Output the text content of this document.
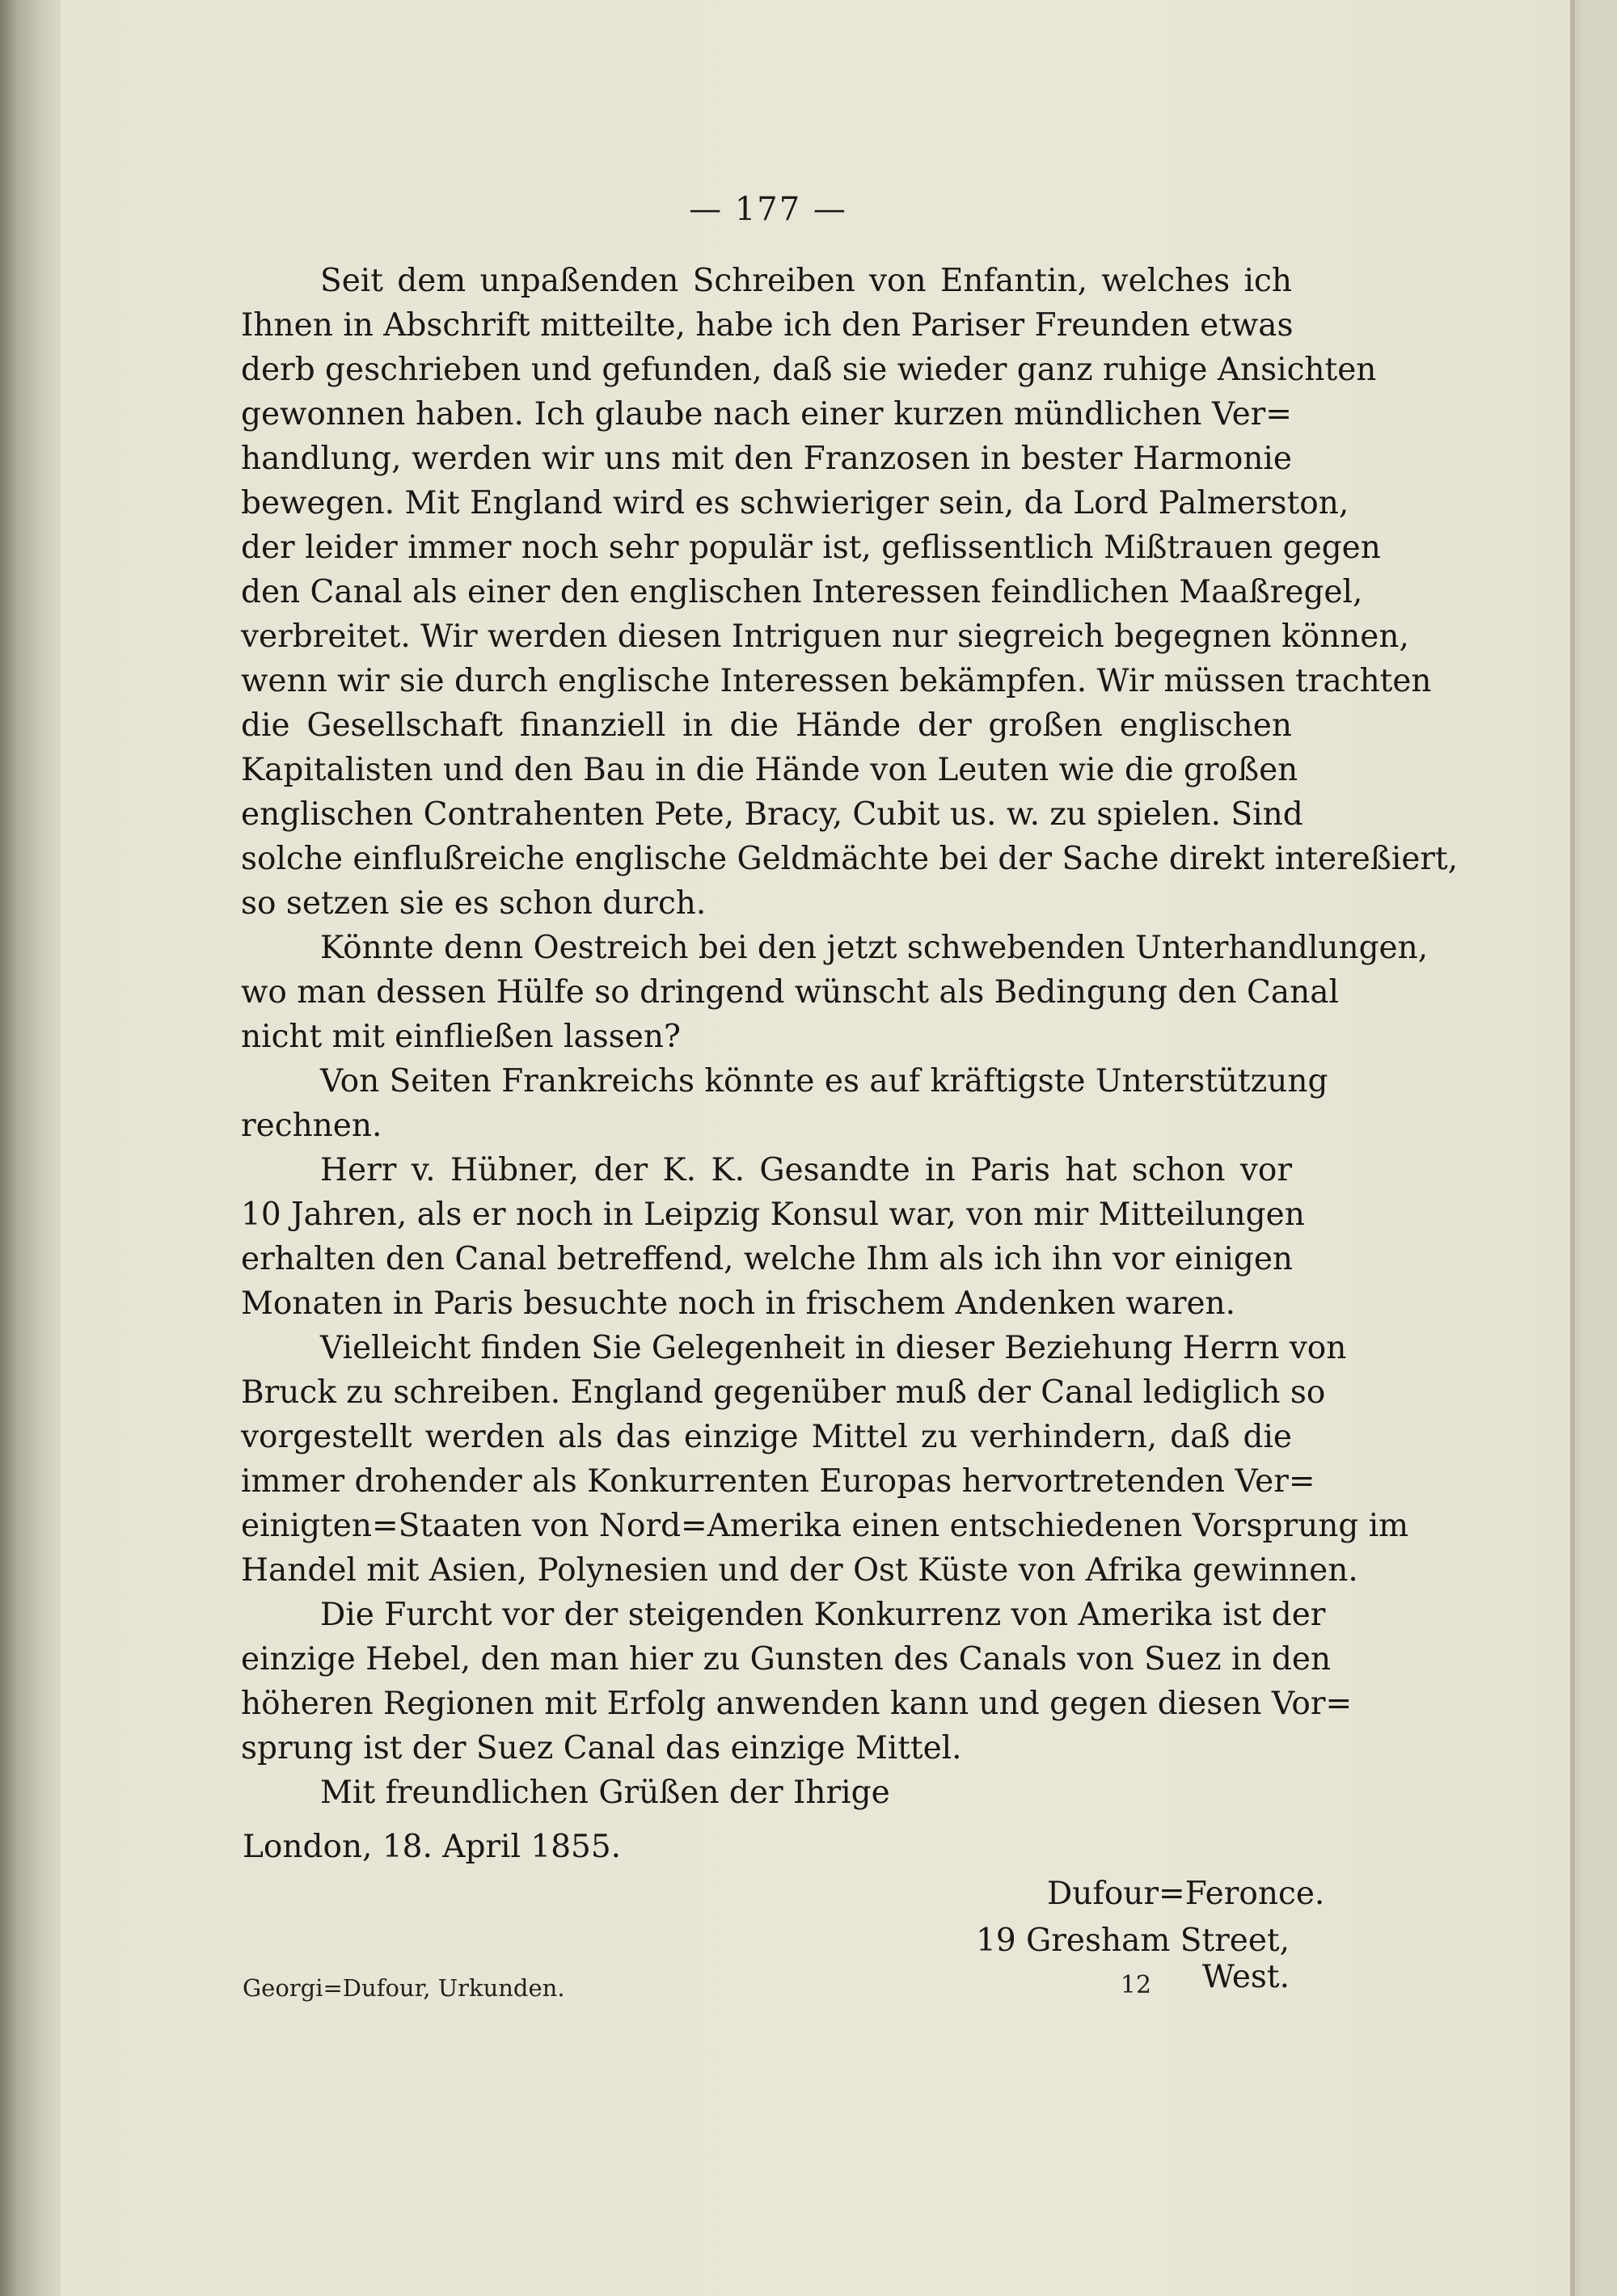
— 177 —
Seit dem unpaßenden Schreiben von Enfantin, welches ich
Ihnen in Abschrift mitteilte, habe ich den Pariser Freunden etwas
derb geschrieben und gefunden, daß sie wieder ganz ruhige Ansichten
gewonnen haben. Ich glaube nach einer kurzen mündlichen Ver=
handlung, werden wir uns mit den Franzosen in bester Harmonie
bewegen. Mit England wird es schwieriger sein, da Lord Palmerston,
der leider immer noch sehr populär ist, geflissentlich Mißtrauen gegen
den Canal als einer den englischen Interessen feindlichen Maaßregel,
verbreitet. Wir werden diesen Intriguen nur siegreich begegnen können,
wenn wir sie durch englische Interessen bekämpfen. Wir müssen trachten
die Gesellschaft finanziell in die Hände der großen englischen
Kapitalisten und den Bau in die Hände von Leuten wie die großen
englischen Contrahenten Pete, Bracy, Cubit us. w. zu spielen. Sind
solche einflußreiche englische Geldmächte bei der Sache direkt intereßiert,
so setzen sie es schon durch.
Könnte denn Oestreich bei den jetzt schwebenden Unterhandlungen,
wo man dessen Hülfe so dringend wünscht als Bedingung den Canal
nicht mit einfließen lassen?
Von Seiten Frankreichs könnte es auf kräftigste Unterstützung
rechnen.
Herr v. Hübner, der K. K. Gesandte in Paris hat schon vor
10 Jahren, als er noch in Leipzig Konsul war, von mir Mitteilungen
erhalten den Canal betreffend, welche Ihm als ich ihn vor einigen
Monaten in Paris besuchte noch in frischem Andenken waren.
Vielleicht finden Sie Gelegenheit in dieser Beziehung Herrn von
Bruck zu schreiben. England gegenüber muß der Canal lediglich so
vorgestellt werden als das einzige Mittel zu verhindern, daß die
immer drohender als Konkurrenten Europas hervortretenden Ver=
einigten=Staaten von Nord=Amerika einen entschiedenen Vorsprung im
Handel mit Asien, Polynesien und der Ost Küste von Afrika gewinnen.
Die Furcht vor der steigenden Konkurrenz von Amerika ist der
einzige Hebel, den man hier zu Gunsten des Canals von Suez in den
höheren Regionen mit Erfolg anwenden kann und gegen diesen Vor=
sprung ist der Suez Canal das einzige Mittel.
Mit freundlichen Grüßen der Ihrige
London, 18. April 1855.
Dufour=Feronce.
19 Gresham Street, West.
Georgi=Dufour, Urkunden.	12
